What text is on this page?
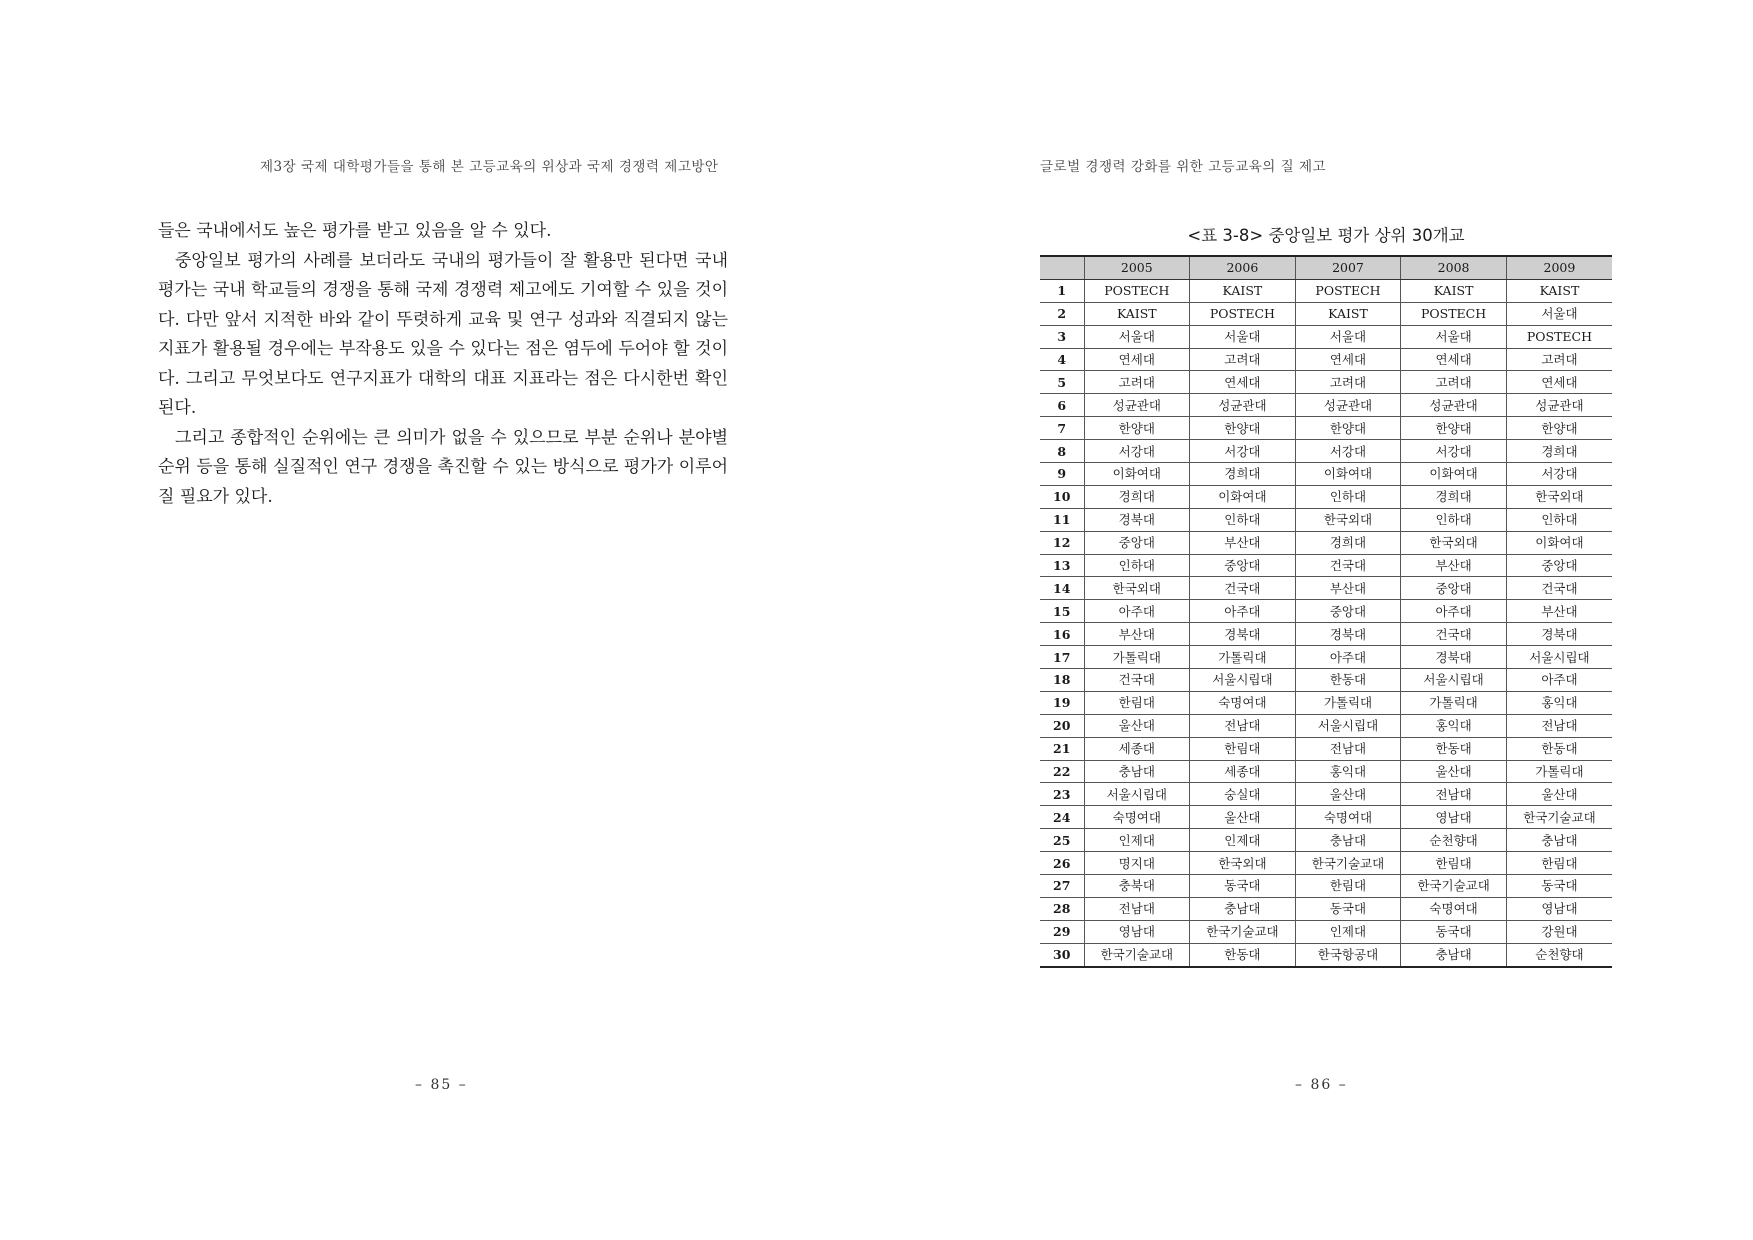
제3장 국제 대학평가들을 통해 본 고등교육의 위상과 국제 경쟁력 제고방안

들은 국내에서도 높은 평가를 받고 있음을 알 수 있다.

중앙일보 평가의 사례를 보더라도 국내의 평가들이 잘 활용만 된다면 국내 평가는 국내 학교들의 경쟁을 통해 국제 경쟁력 제고에도 기여할 수 있을 것이다. 다만 앞서 지적한 바와 같이 뚜렷하게 교육 및 연구 성과와 직결되지 않는 지표가 활용될 경우에는 부작용도 있을 수 있다는 점은 염두에 두어야 할 것이다. 그리고 무엇보다도 연구지표가 대학의 대표 지표라는 점은 다시한번 확인된다.

그리고 종합적인 순위에는 큰 의미가 없을 수 있으므로 부분 순위나 분야별 순위 등을 통해 실질적인 연구 경쟁을 촉진할 수 있는 방식으로 평가가 이루어질 필요가 있다.

– 85 –
글로벌 경쟁력 강화를 위한 고등교육의 질 제고
<표 3-8> 중앙일보 평가 상위 30개교
	2005	2006	2007	2008	2009
1	POSTECH	KAIST	POSTECH	KAIST	KAIST
2	KAIST	POSTECH	KAIST	POSTECH	서울대
3	서울대	서울대	서울대	서울대	POSTECH
4	연세대	고려대	연세대	연세대	고려대
5	고려대	연세대	고려대	고려대	연세대
6	성균관대	성균관대	성균관대	성균관대	성균관대
7	한양대	한양대	한양대	한양대	한양대
8	서강대	서강대	서강대	서강대	경희대
9	이화여대	경희대	이화여대	이화여대	서강대
10	경희대	이화여대	인하대	경희대	한국외대
11	경북대	인하대	한국외대	인하대	인하대
12	중앙대	부산대	경희대	한국외대	이화여대
13	인하대	중앙대	건국대	부산대	중앙대
14	한국외대	건국대	부산대	중앙대	건국대
15	아주대	아주대	중앙대	아주대	부산대
16	부산대	경북대	경북대	건국대	경북대
17	가톨릭대	가톨릭대	아주대	경북대	서울시립대
18	건국대	서울시립대	한동대	서울시립대	아주대
19	한림대	숙명여대	가톨릭대	가톨릭대	홍익대
20	울산대	전남대	서울시립대	홍익대	전남대
21	세종대	한림대	전남대	한동대	한동대
22	충남대	세종대	홍익대	울산대	가톨릭대
23	서울시립대	숭실대	울산대	전남대	울산대
24	숙명여대	울산대	숙명여대	영남대	한국기술교대
25	인제대	인제대	충남대	순천향대	충남대
26	명지대	한국외대	한국기술교대	한림대	한림대
27	충북대	동국대	한림대	한국기술교대	동국대
28	전남대	충남대	동국대	숙명여대	영남대
29	영남대	한국기술교대	인제대	동국대	강원대
30	한국기술교대	한동대	한국항공대	충남대	순천향대
– 86 –
